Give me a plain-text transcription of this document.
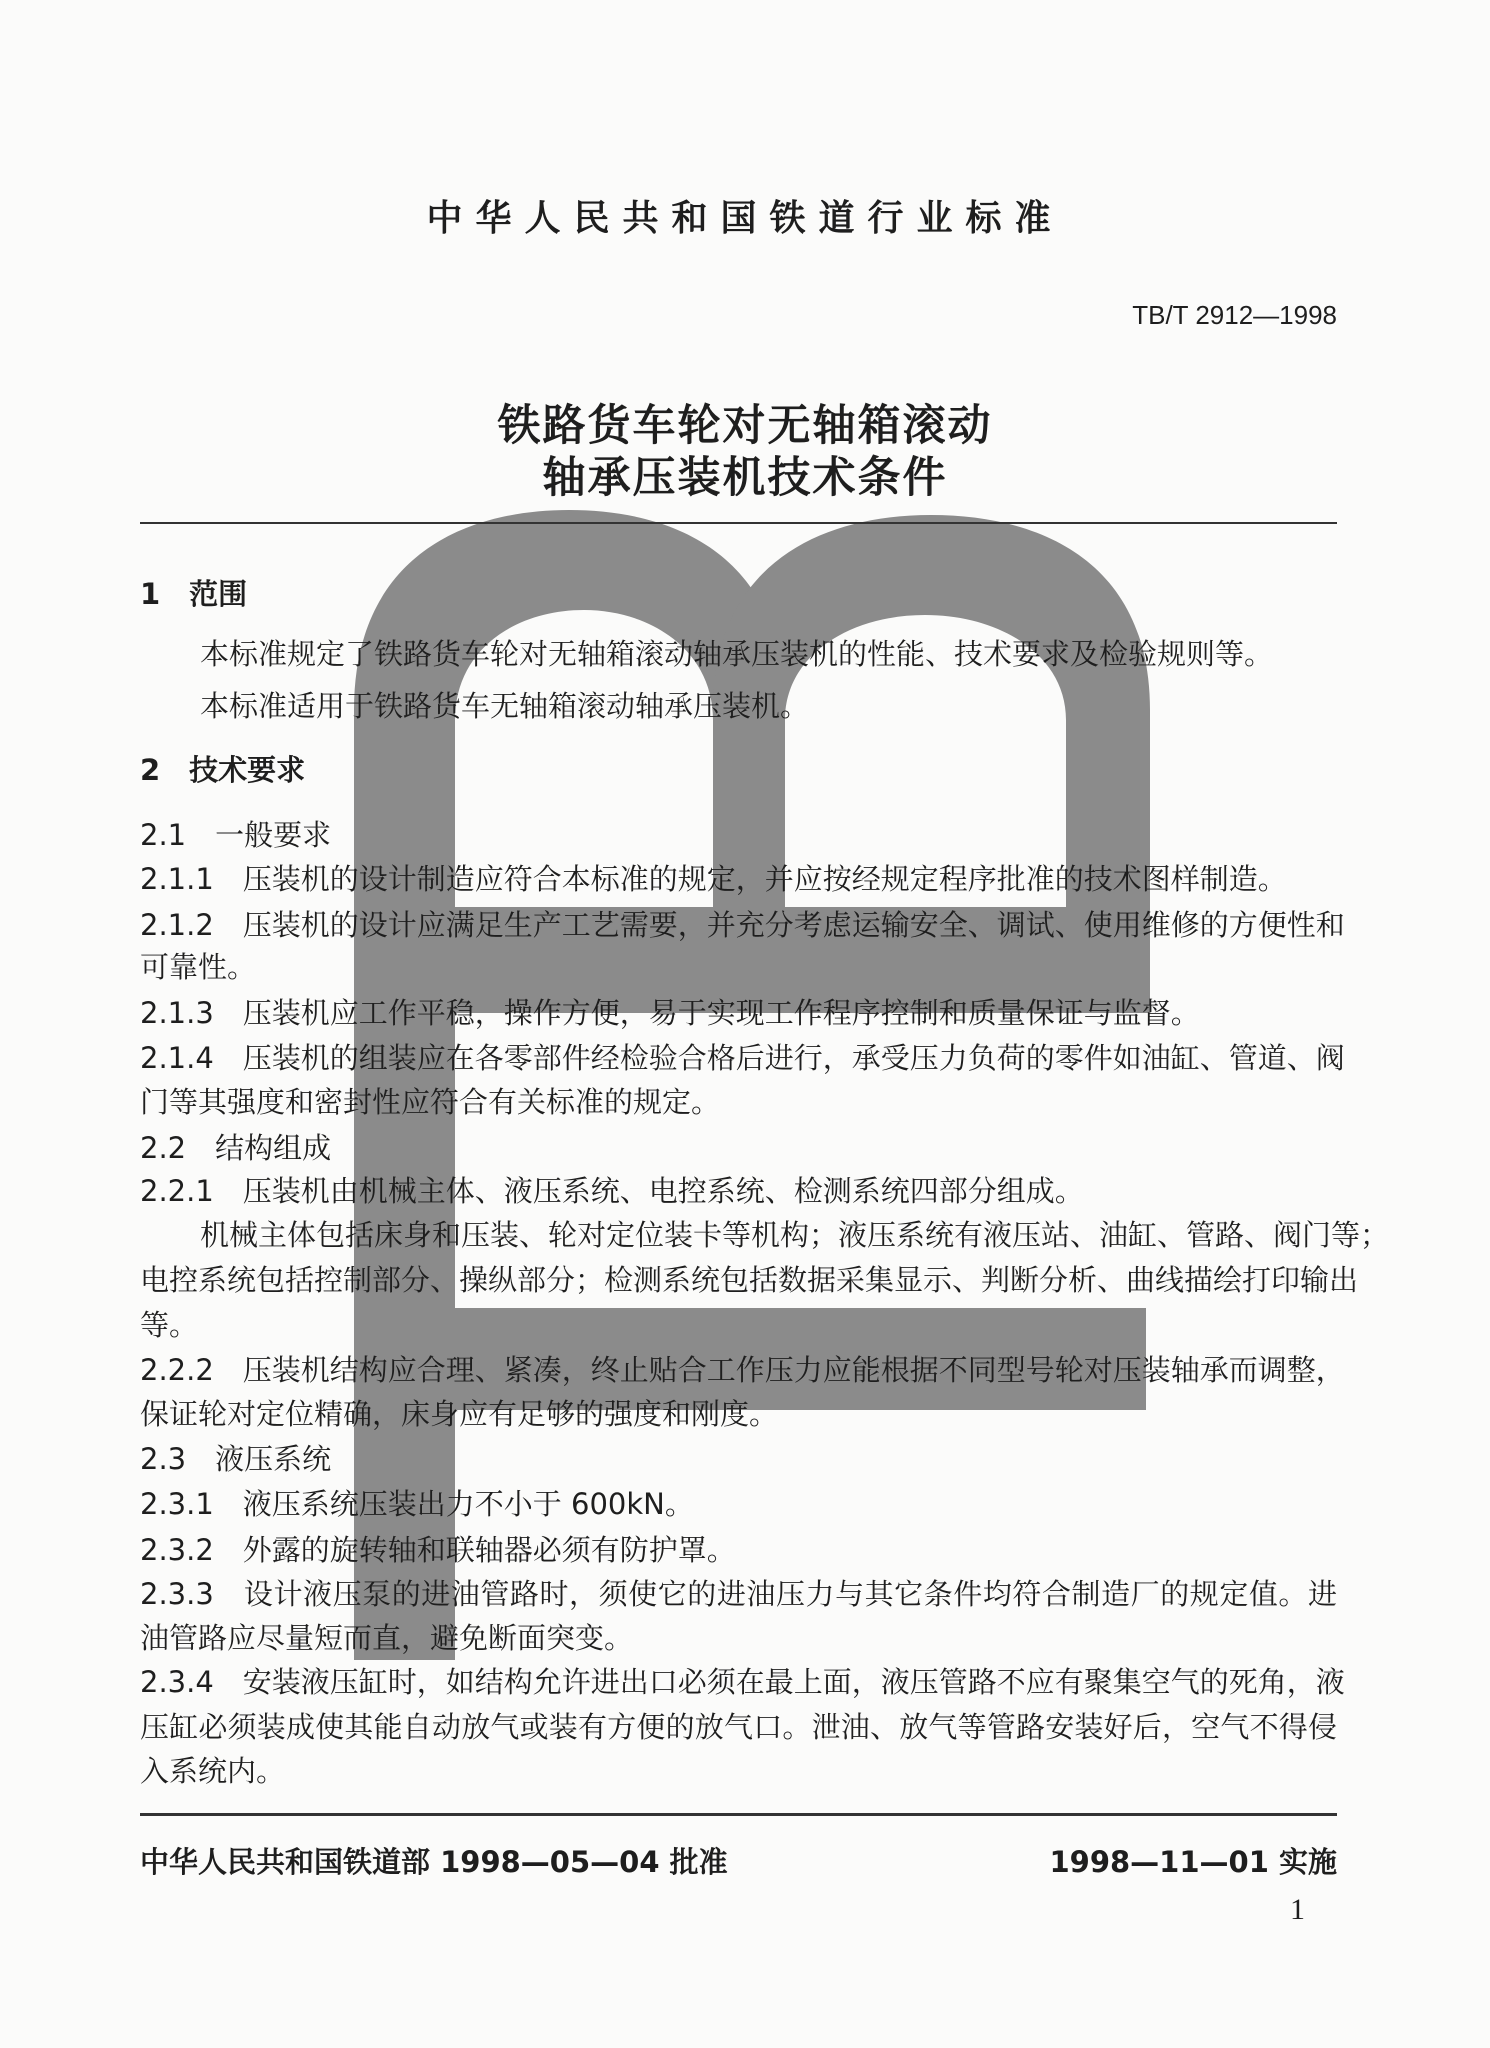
中华人民共和国铁道行业标准
TB/T 2912—1998
铁路货车轮对无轴箱滚动
轴承压装机技术条件
1　范围
本标准规定了铁路货车轮对无轴箱滚动轴承压装机的性能、技术要求及检验规则等。
本标准适用于铁路货车无轴箱滚动轴承压装机。
2　技术要求
2.1　一般要求
2.1.1　压装机的设计制造应符合本标准的规定，并应按经规定程序批准的技术图样制造。
2.1.2　压装机的设计应满足生产工艺需要，并充分考虑运输安全、调试、使用维修的方便性和
可靠性。
2.1.3　压装机应工作平稳，操作方便，易于实现工作程序控制和质量保证与监督。
2.1.4　压装机的组装应在各零部件经检验合格后进行，承受压力负荷的零件如油缸、管道、阀
门等其强度和密封性应符合有关标准的规定。
2.2　结构组成
2.2.1　压装机由机械主体、液压系统、电控系统、检测系统四部分组成。
机械主体包括床身和压装、轮对定位装卡等机构；液压系统有液压站、油缸、管路、阀门等；
电控系统包括控制部分、操纵部分；检测系统包括数据采集显示、判断分析、曲线描绘打印输出
等。
2.2.2　压装机结构应合理、紧凑，终止贴合工作压力应能根据不同型号轮对压装轴承而调整，
保证轮对定位精确，床身应有足够的强度和刚度。
2.3　液压系统
2.3.1　液压系统压装出力不小于 600kN。
2.3.2　外露的旋转轴和联轴器必须有防护罩。
2.3.3　设计液压泵的进油管路时，须使它的进油压力与其它条件均符合制造厂的规定值。进
油管路应尽量短而直，避免断面突变。
2.3.4　安装液压缸时，如结构允许进出口必须在最上面，液压管路不应有聚集空气的死角，液
压缸必须装成使其能自动放气或装有方便的放气口。泄油、放气等管路安装好后，空气不得侵
入系统内。
中华人民共和国铁道部 1998—05—04 批准	1998—11—01 实施
1
